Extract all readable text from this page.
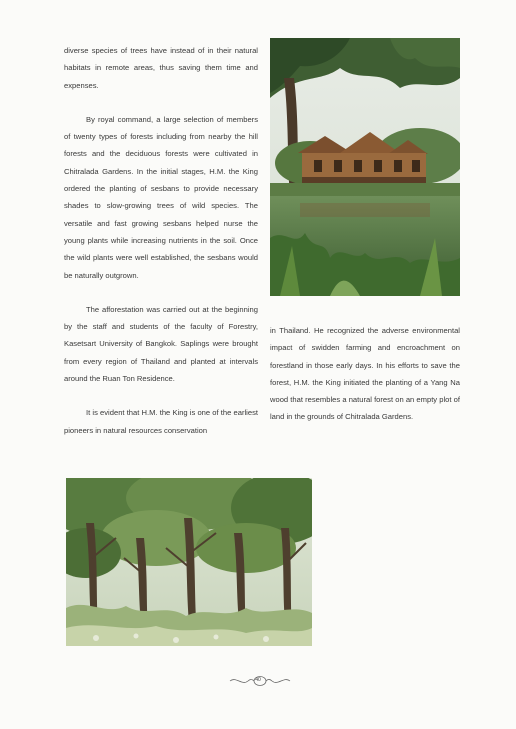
diverse species of trees have instead of in their natural habitats in remote areas, thus saving them time and expenses.

By royal command, a large selection of members of twenty types of forests including from nearby the hill forests and the deciduous forests were cultivated in Chitralada Gardens. In the initial stages, H.M. the King ordered the planting of sesbans to provide necessary shades to slow-growing trees of wild species. The versatile and fast growing sesbans helped nurse the young plants while increasing nutrients in the soil. Once the wild plants were well established, the sesbans would be naturally outgrown.

The afforestation was carried out at the beginning by the staff and students of the faculty of Forestry, Kasetsart University of Bangkok. Saplings were brought from every region of Thailand and planted at intervals around the Ruan Ton Residence.

It is evident that H.M. the King is one of the earliest pioneers in natural resources conservation

in Thailand. He recognized the adverse environmental impact of swidden farming and encroachment on forestland in those early days. In his efforts to save the forest, H.M. the King initiated the planting of a Yang Na wood that resembles a natural forest on an empty plot of land in the grounds of Chitralada Gardens.

40
